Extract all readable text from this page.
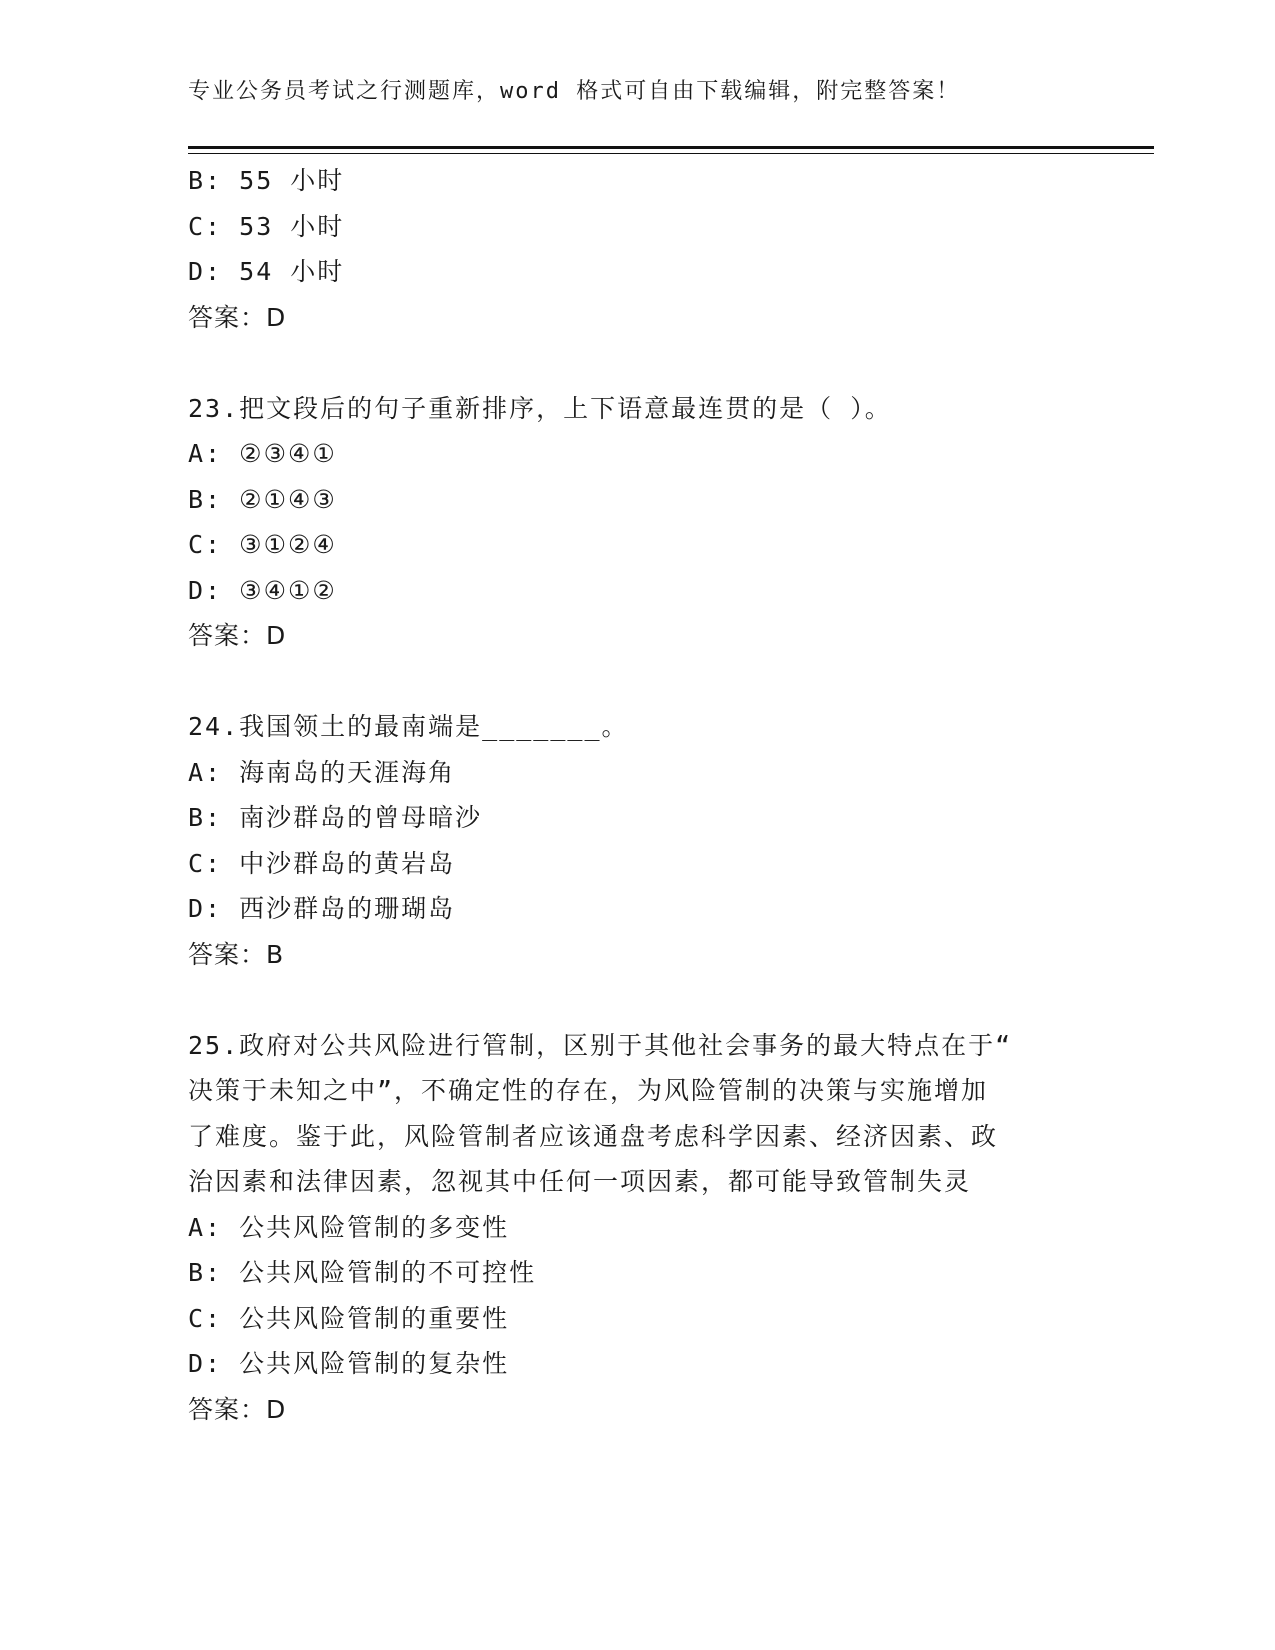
专业公务员考试之行测题库，word 格式可自由下载编辑，附完整答案！
B: 55 小时
C: 53 小时
D: 54 小时
答案：D
23.把文段后的句子重新排序，上下语意最连贯的是（ ）。
A: ②③④①
B: ②①④③
C: ③①②④
D: ③④①②
答案：D
24.我国领土的最南端是_______。
A: 海南岛的天涯海角
B: 南沙群岛的曾母暗沙
C: 中沙群岛的黄岩岛
D: 西沙群岛的珊瑚岛
答案：B
25.政府对公共风险进行管制，区别于其他社会事务的最大特点在于“
决策于未知之中”，不确定性的存在，为风险管制的决策与实施增加
了难度。鉴于此，风险管制者应该通盘考虑科学因素、经济因素、政
治因素和法律因素，忽视其中任何一项因素，都可能导致管制失灵
A: 公共风险管制的多变性
B: 公共风险管制的不可控性
C: 公共风险管制的重要性
D: 公共风险管制的复杂性
答案：D
